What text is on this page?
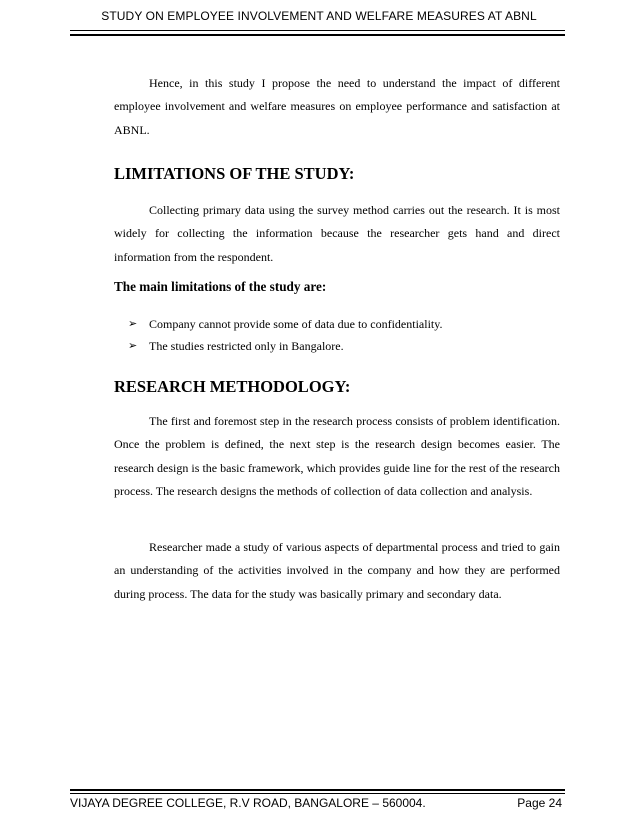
STUDY ON EMPLOYEE INVOLVEMENT AND WELFARE MEASURES AT ABNL
Hence, in this study I propose the need to understand the impact of different employee involvement and welfare measures on employee performance and satisfaction at ABNL.
LIMITATIONS OF THE STUDY:
Collecting primary data using the survey method carries out the research. It is most widely for collecting the information because the researcher gets hand and direct information from the respondent.
The main limitations of the study are:
➢ Company cannot provide some of data due to confidentiality.
➢ The studies restricted only in Bangalore.
RESEARCH METHODOLOGY:
The first and foremost step in the research process consists of problem identification. Once the problem is defined, the next step is the research design becomes easier. The research design is the basic framework, which provides guide line for the rest of the research process. The research designs the methods of collection of data collection and analysis.
Researcher made a study of various aspects of departmental process and tried to gain an understanding of the activities involved in the company and how they are performed during process. The data for the study was basically primary and secondary data.
VIJAYA DEGREE COLLEGE, R.V ROAD, BANGALORE – 560004.	Page 24
